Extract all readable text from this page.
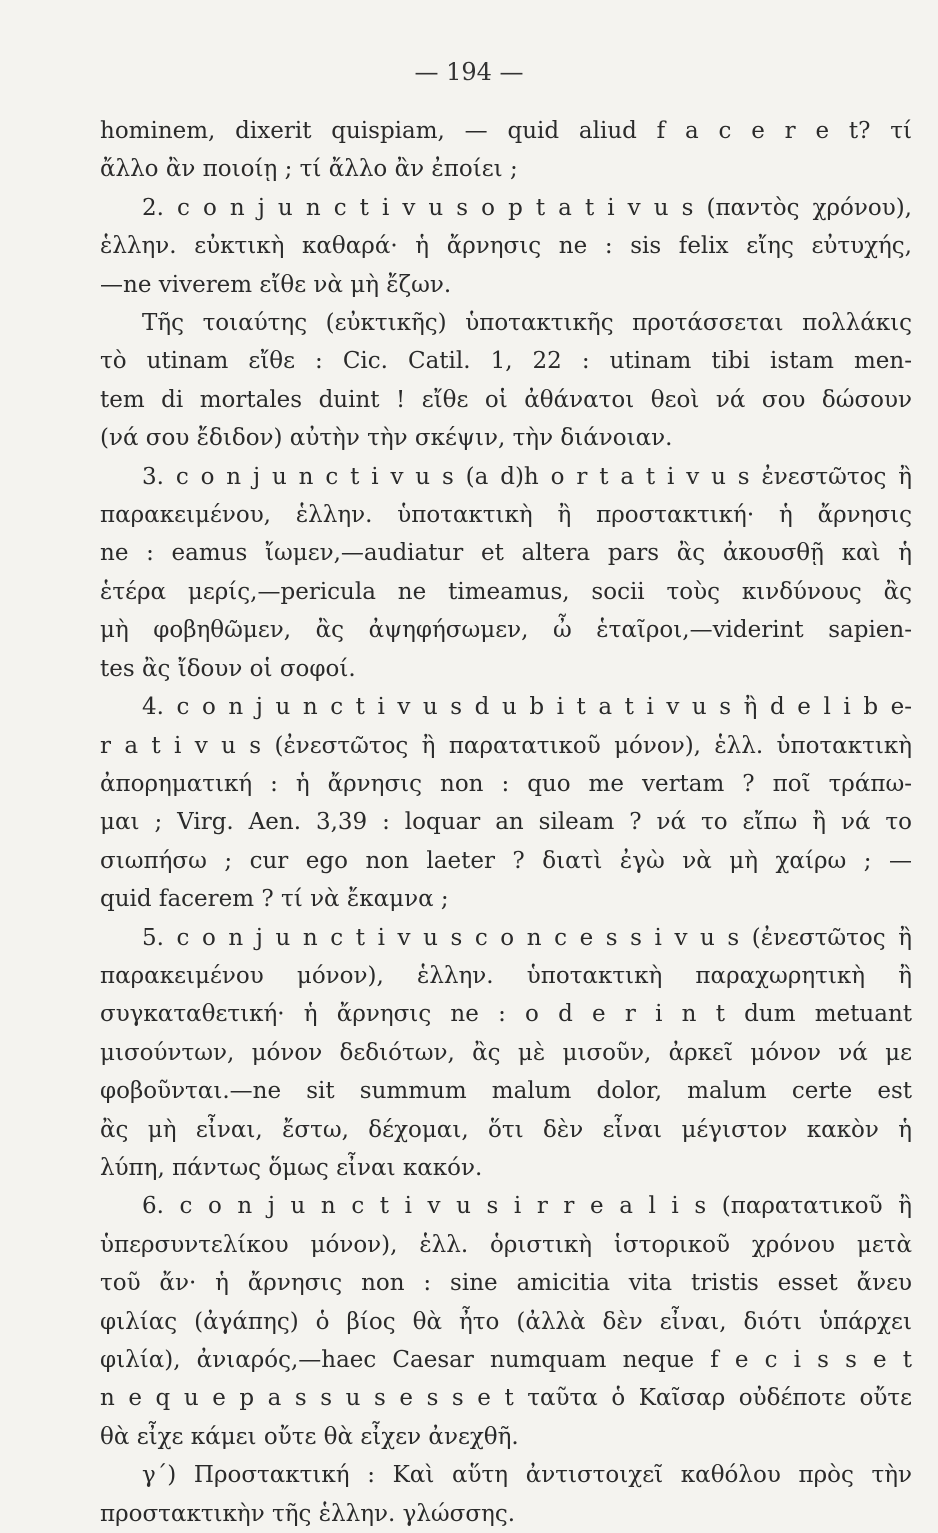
— 194 —
hominem, dixerit quispiam, — quid aliud f a c e r e t? τί
ἄλλο ἂν ποιοίῃ ; τί ἄλλο ἂν ἐποίει ;
2. c o n j u n c t i v u s o p t a t i v u s (παντὸς χρόνου),
ἑλλην. εὐκτικὴ καθαρά· ἡ ἄρνησις ne : sis felix εἴης εὐτυχής,
—ne viverem εἴθε νὰ μὴ ἔζων.
Τῆς τοιαύτης (εὐκτικῆς) ὑποτακτικῆς προτάσσεται πολλάκις
τὸ utinam εἴθε : Cic. Catil. 1, 22 : utinam tibi istam men-
tem di mortales duint ! εἴθε οἱ ἀθάνατοι θεοὶ νά σου δώσουν
(νά σου ἔδιδον) αὐτὴν τὴν σκέψιν, τὴν διάνοιαν.
3. c o n j u n c t i v u s (a d)h o r t a t i v u s ἐνεστῶτος ἢ
παρακειμένου, ἑλλην. ὑποτακτικὴ ἢ προστακτική· ἡ ἄρνησις
ne : eamus ἴωμεν,—audiatur et altera pars ἂς ἀκουσθῇ καὶ ἡ
ἑτέρα μερίς,—pericula ne timeamus, socii τοὺς κινδύνους ἂς
μὴ φοβηθῶμεν, ἂς ἀψηφήσωμεν, ὦ ἑταῖροι,—viderint sapien-
tes ἂς ἴδουν οἱ σοφοί.
4. c o n j u n c t i v u s d u b i t a t i v u s ἢ d e l i b e-
r a t i v u s (ἐνεστῶτος ἢ παρατατικοῦ μόνον), ἑλλ. ὑποτακτικὴ
ἀπορηματική : ἡ ἄρνησις non : quo me vertam ? ποῖ τράπω-
μαι ; Virg. Aen. 3,39 : loquar an sileam ? νά το εἴπω ἢ νά το
σιωπήσω ; cur ego non laeter ? διατὶ ἐγὼ νὰ μὴ χαίρω ; —
quid facerem ? τί νὰ ἔκαμνα ;
5. c o n j u n c t i v u s c o n c e s s i v u s (ἐνεστῶτος ἢ
παρακειμένου μόνον), ἑλλην. ὑποτακτικὴ παραχωρητικὴ ἢ
συγκαταθετική· ἡ ἄρνησις ne : o d e r i n t dum metuant
μισούντων, μόνον δεδιότων, ἂς μὲ μισοῦν, ἀρκεῖ μόνον νά με
φοβοῦνται.—ne sit summum malum dolor, malum certe est
ἂς μὴ εἶναι, ἔστω, δέχομαι, ὅτι δὲν εἶναι μέγιστον κακὸν ἡ
λύπη, πάντως ὅμως εἶναι κακόν.
6. c o n j u n c t i v u s i r r e a l i s (παρατατικοῦ ἢ
ὑπερσυντελίκου μόνον), ἑλλ. ὁριστικὴ ἱστορικοῦ χρόνου μετὰ
τοῦ ἄν· ἡ ἄρνησις non : sine amicitia vita tristis esset ἄνευ
φιλίας (ἀγάπης) ὁ βίος θὰ ἦτο (ἀλλὰ δὲν εἶναι, διότι ὑπάρχει
φιλία), ἀνιαρός,—haec Caesar numquam neque f e c i s s e t
n e q u e p a s s u s e s s e t ταῦτα ὁ Καῖσαρ οὐδέποτε οὔτε
θὰ εἶχε κάμει οὔτε θὰ εἶχεν ἀνεχθῆ.
γ΄) Προστακτική : Καὶ αὕτη ἀντιστοιχεῖ καθόλου πρὸς τὴν
προστακτικὴν τῆς ἑλλην. γλώσσης.
